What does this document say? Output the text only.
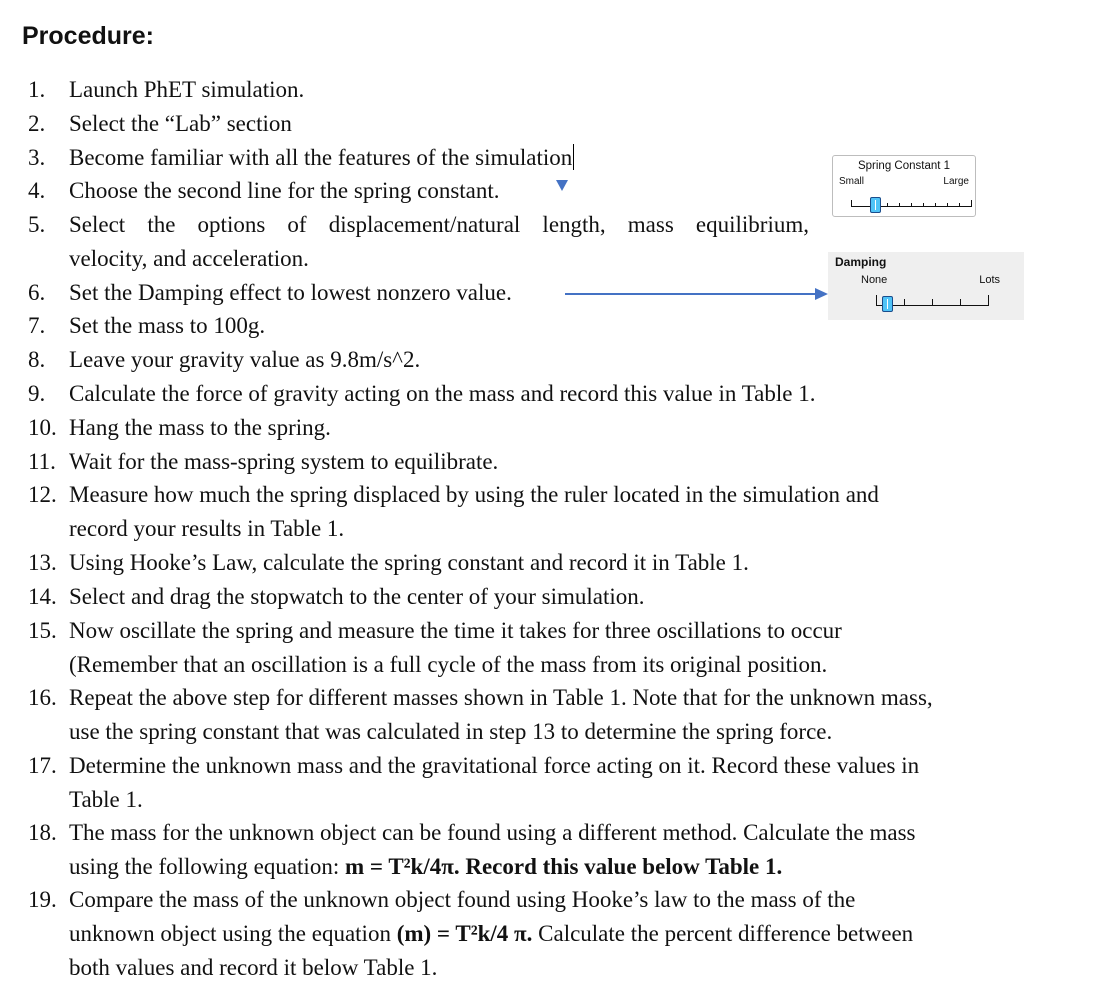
Procedure:
1. Launch PhET simulation.
2. Select the “Lab” section
3. Become familiar with all the features of the simulation
4. Choose the second line for the spring constant.
5. Select the options of displacement/natural length, mass equilibrium,
velocity, and acceleration.
6. Set the Damping effect to lowest nonzero value.
7. Set the mass to 100g.
8. Leave your gravity value as 9.8m/s^2.
9. Calculate the force of gravity acting on the mass and record this value in Table 1.
10. Hang the mass to the spring.
11. Wait for the mass-spring system to equilibrate.
12. Measure how much the spring displaced by using the ruler located in the simulation and
record your results in Table 1.
13. Using Hooke’s Law, calculate the spring constant and record it in Table 1.
14. Select and drag the stopwatch to the center of your simulation.
15. Now oscillate the spring and measure the time it takes for three oscillations to occur
(Remember that an oscillation is a full cycle of the mass from its original position.
16. Repeat the above step for different masses shown in Table 1. Note that for the unknown mass,
use the spring constant that was calculated in step 13 to determine the spring force.
17. Determine the unknown mass and the gravitational force acting on it. Record these values in
Table 1.
18. The mass for the unknown object can be found using a different method. Calculate the mass
using the following equation: m = T²k/4π. Record this value below Table 1.
19. Compare the mass of the unknown object found using Hooke’s law to the mass of the
unknown object using the equation (m) = T²k/4 π. Calculate the percent difference between
both values and record it below Table 1.
Spring Constant 1
Small	Large
Damping
None	Lots
